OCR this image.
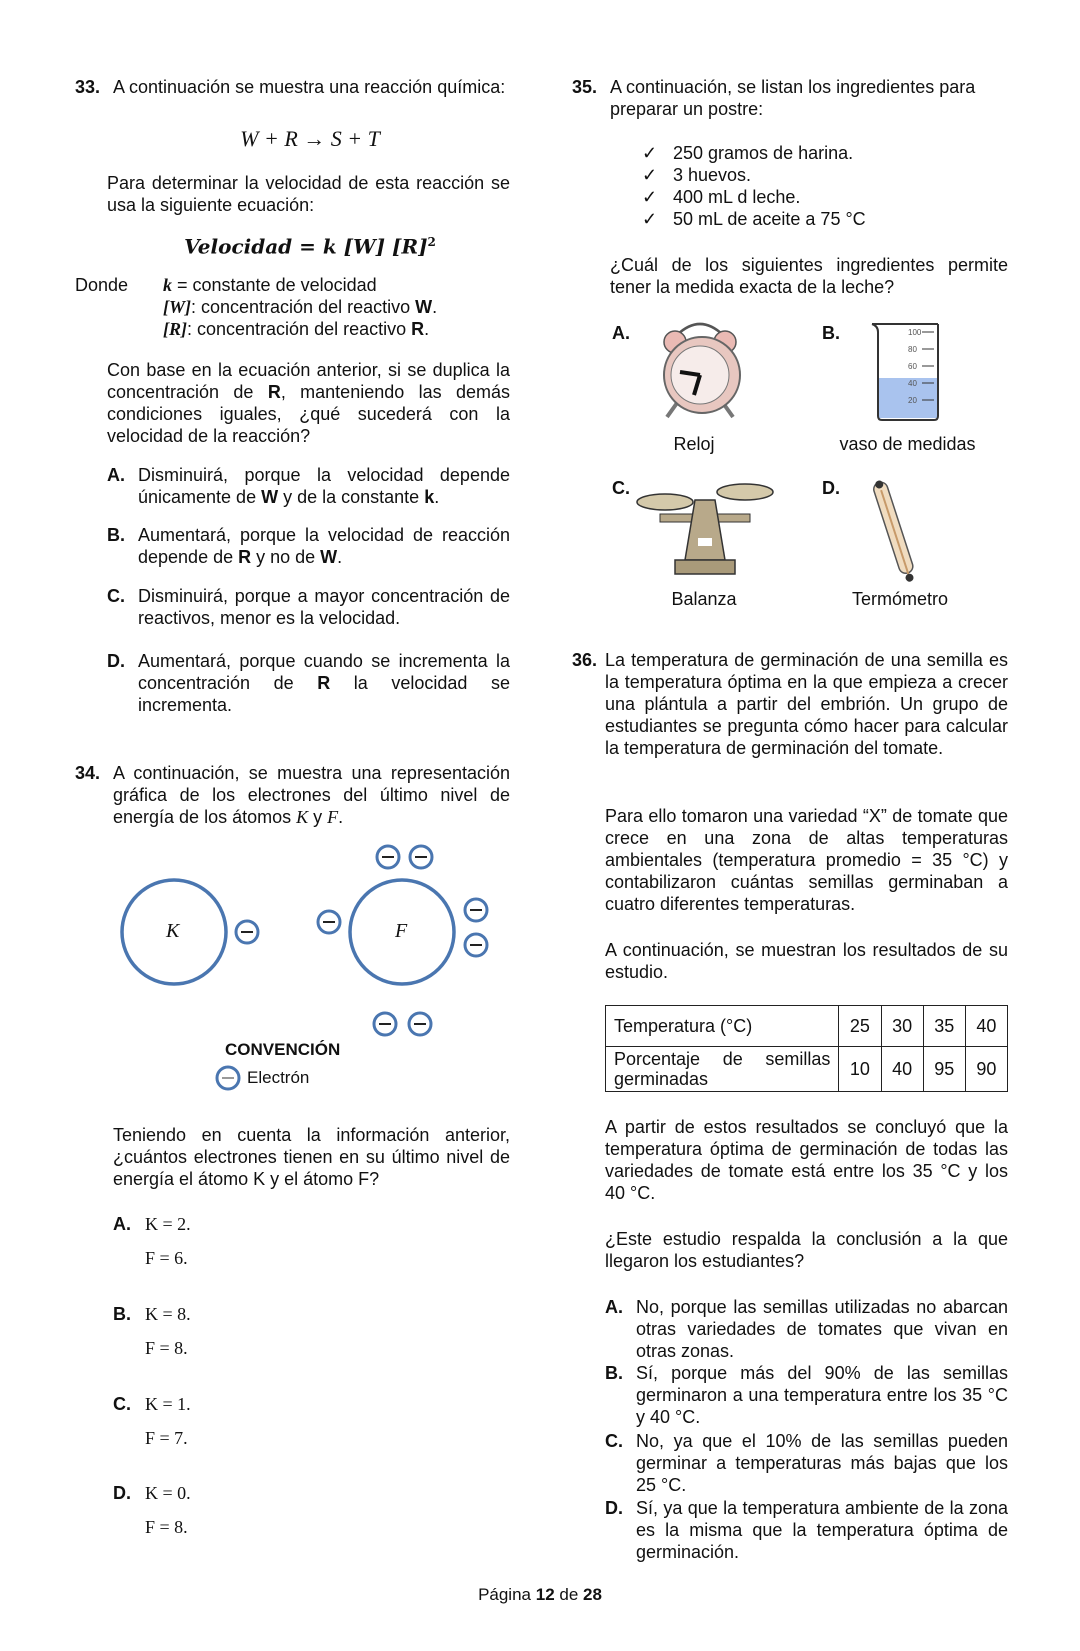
33. A continuación se muestra una reacción química:
W + R → S + T
Para determinar la velocidad de esta reacción se usa la siguiente ecuación:
Velocidad = k [W] $[R]^2$
Donde k = constante de velocidad
[W]: concentración del reactivo W.
[R]: concentración del reactivo R.
Con base en la ecuación anterior, si se duplica la concentración de R, manteniendo las demás condiciones iguales, ¿qué sucederá con la velocidad de la reacción?
A. Disminuirá, porque la velocidad depende únicamente de W y de la constante k.
B. Aumentará, porque la velocidad de reacción depende de R y no de W.
C. Disminuirá, porque a mayor concentración de reactivos, menor es la velocidad.
D. Aumentará, porque cuando se incrementa la concentración de R la velocidad se incrementa.
34. A continuación, se muestra una representación gráfica de los electrones del último nivel de energía de los átomos K y F.
K	F
CONVENCIÓN
Electrón
Teniendo en cuenta la información anterior, ¿cuántos electrones tienen en su último nivel de energía el átomo K y el átomo F?
A. K = 2.
F = 6.
B. K = 8.
F = 8.
C. K = 1.
F = 7.
D. K = 0.
F = 8.
35. A continuación, se listan los ingredientes para preparar un postre:
✓ 250 gramos de harina.
✓ 3 huevos.
✓ 400 mL d leche.
✓ 50 mL de aceite a 75 °C
¿Cuál de los siguientes ingredientes permite tener la medida exacta de la leche?
A.	B.
C.	D.
Reloj
100
80
60
40
20
vaso de medidas
Balanza	Termómetro
36. La temperatura de germinación de una semilla es la temperatura óptima en la que empieza a crecer una plántula a partir del embrión. Un grupo de estudiantes se pregunta cómo hacer para calcular la temperatura de germinación del tomate.
Para ello tomaron una variedad “X” de tomate que crece en una zona de altas temperaturas ambientales (temperatura promedio = 35 °C) y contabilizaron cuántas semillas germinaban a cuatro diferentes temperaturas.
A continuación, se muestran los resultados de su estudio.
Temperatura (°C)	25	30	35	40
Porcentaje de semillas germinadas	10	40	95	90
A partir de estos resultados se concluyó que la temperatura óptima de germinación de todas las variedades de tomate está entre los 35 °C y los 40 °C.
¿Este estudio respalda la conclusión a la que llegaron los estudiantes?
A. No, porque las semillas utilizadas no abarcan otras variedades de tomates que vivan en otras zonas.
B. Sí, porque más del 90% de las semillas germinaron a una temperatura entre los 35 °C y 40 °C.
C. No, ya que el 10% de las semillas pueden germinar a temperaturas más bajas que los 25 °C.
D. Sí, ya que la temperatura ambiente de la zona es la misma que la temperatura óptima de germinación.
Página 12 de 28
